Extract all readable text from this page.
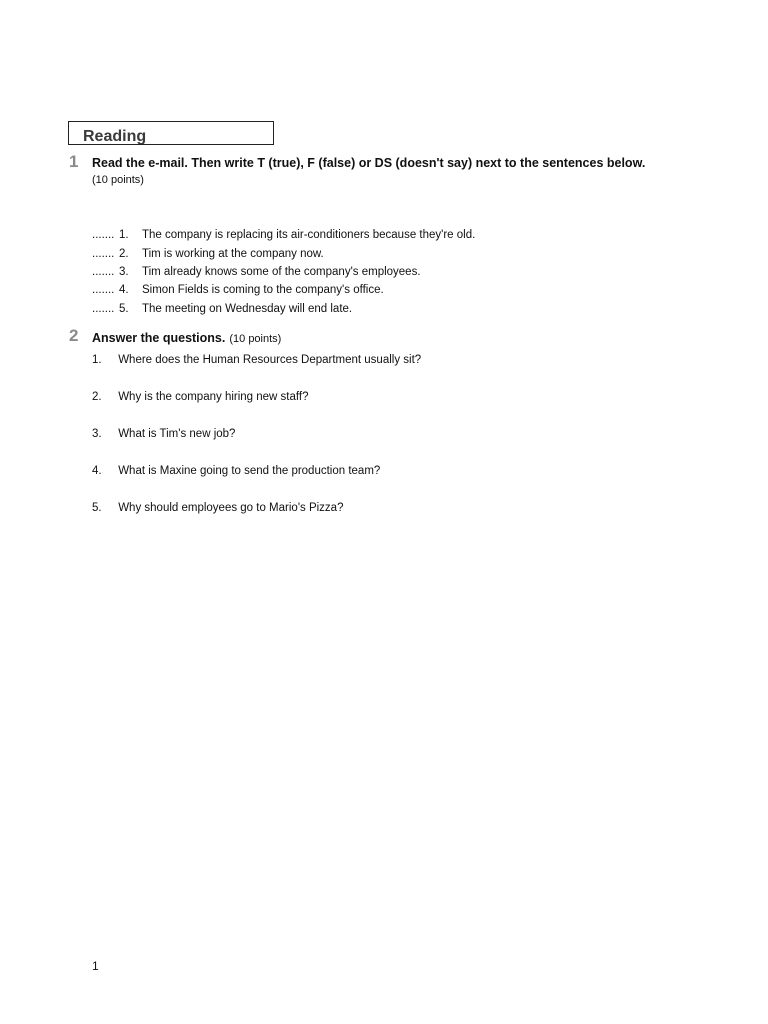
Reading
1 Read the e-mail. Then write T (true), F (false) or DS (doesn't say) next to the sentences below.
(10 points)
....... 1.	The company is replacing its air-conditioners because they're old.
....... 2.	Tim is working at the company now.
....... 3.	Tim already knows some of the company's employees.
....... 4.	Simon Fields is coming to the company's office.
....... 5.	The meeting on Wednesday will end late.
2 Answer the questions. (10 points)
1. Where does the Human Resources Department usually sit?
2. Why is the company hiring new staff?
3. What is Tim's new job?
4. What is Maxine going to send the production team?
5. Why should employees go to Mario's Pizza?
1
